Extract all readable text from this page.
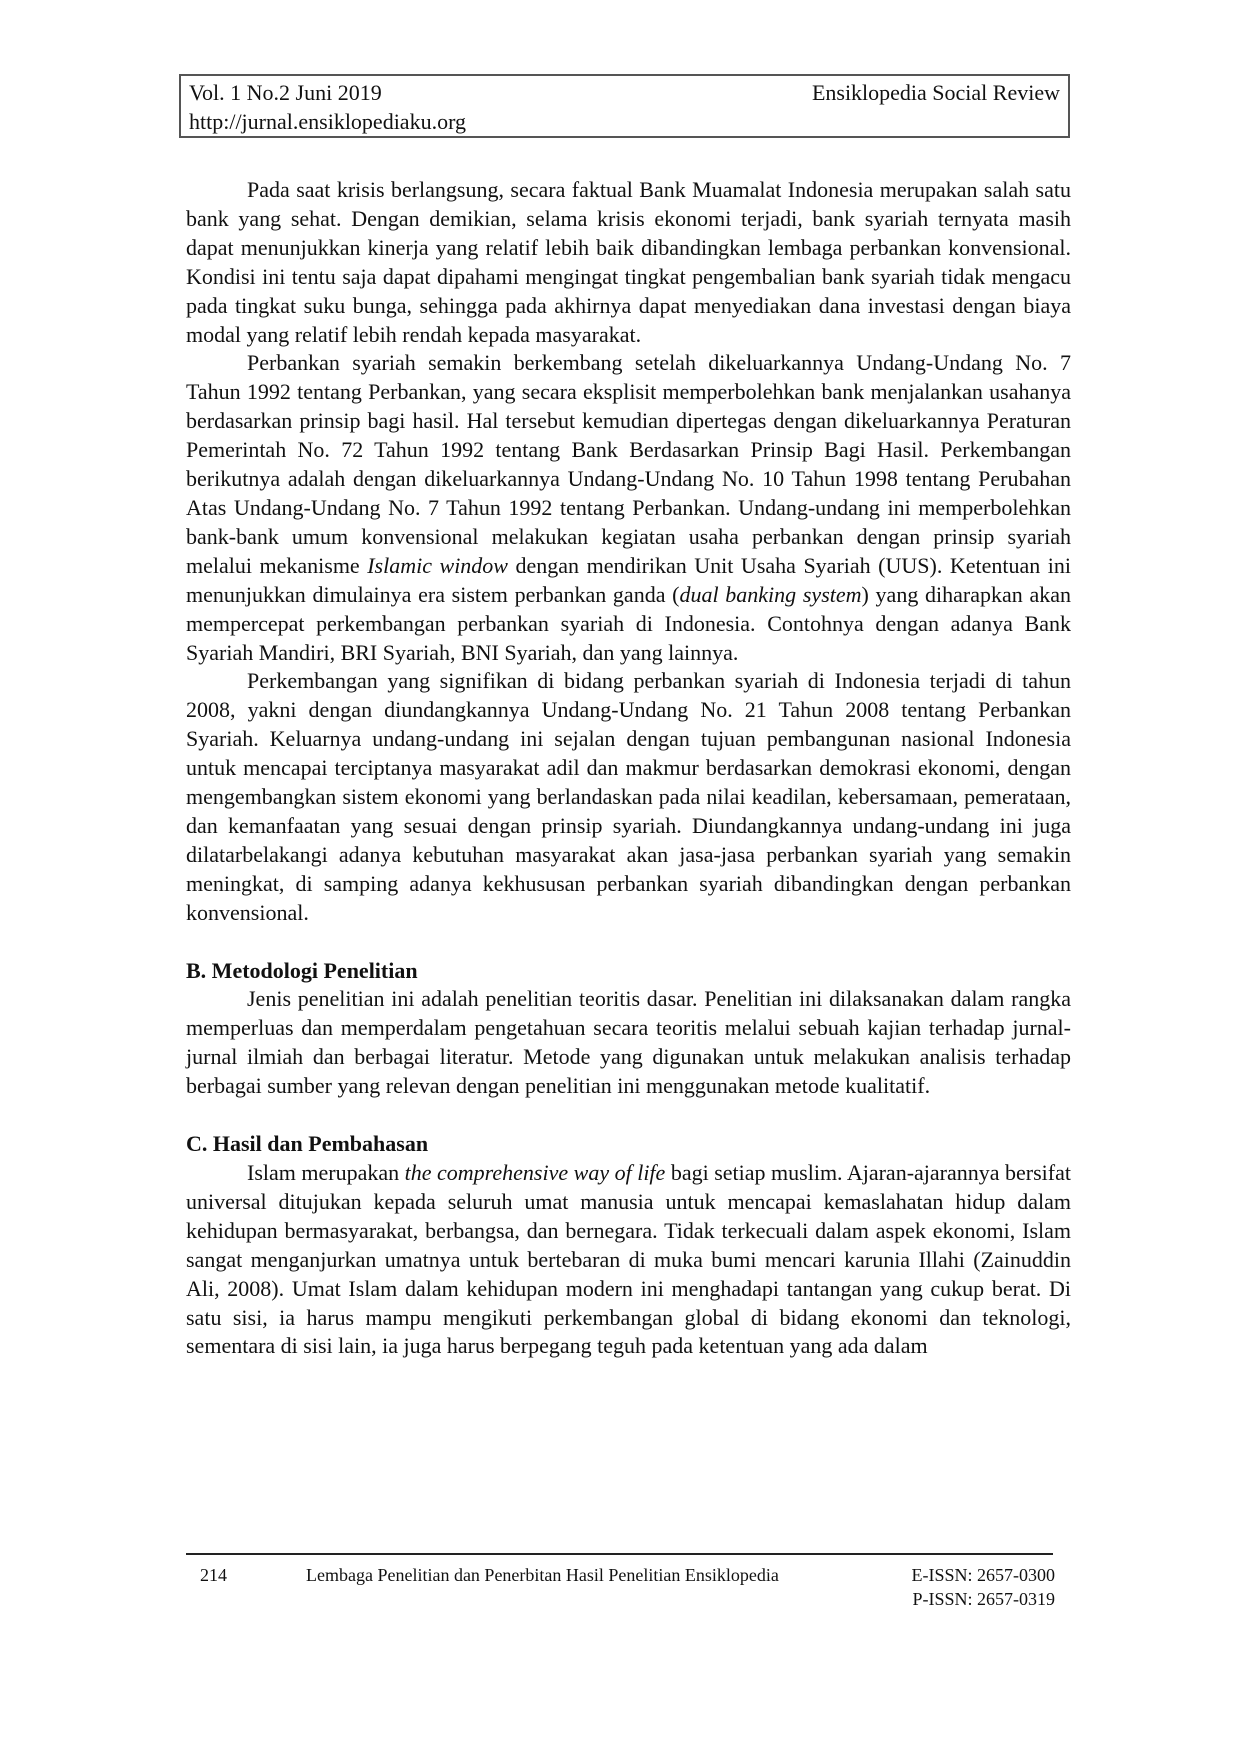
Vol. 1 No.2 Juni 2019	Ensiklopedia Social Review
http://jurnal.ensiklopediaku.org

Pada saat krisis berlangsung, secara faktual Bank Muamalat Indonesia merupakan salah satu bank yang sehat. Dengan demikian, selama krisis ekonomi terjadi, bank syariah ternyata masih dapat menunjukkan kinerja yang relatif lebih baik dibandingkan lembaga perbankan konvensional. Kondisi ini tentu saja dapat dipahami mengingat tingkat pengembalian bank syariah tidak mengacu pada tingkat suku bunga, sehingga pada akhirnya dapat menyediakan dana investasi dengan biaya modal yang relatif lebih rendah kepada masyarakat.

Perbankan syariah semakin berkembang setelah dikeluarkannya Undang-Undang No. 7 Tahun 1992 tentang Perbankan, yang secara eksplisit memperbolehkan bank menjalankan usahanya berdasarkan prinsip bagi hasil. Hal tersebut kemudian dipertegas dengan dikeluarkannya Peraturan Pemerintah No. 72 Tahun 1992 tentang Bank Berdasarkan Prinsip Bagi Hasil. Perkembangan berikutnya adalah dengan dikeluarkannya Undang-Undang No. 10 Tahun 1998 tentang Perubahan Atas Undang-Undang No. 7 Tahun 1992 tentang Perbankan. Undang-undang ini memperbolehkan bank-bank umum konvensional melakukan kegiatan usaha perbankan dengan prinsip syariah melalui mekanisme Islamic window dengan mendirikan Unit Usaha Syariah (UUS). Ketentuan ini menunjukkan dimulainya era sistem perbankan ganda (dual banking system) yang diharapkan akan mempercepat perkembangan perbankan syariah di Indonesia. Contohnya dengan adanya Bank Syariah Mandiri, BRI Syariah, BNI Syariah, dan yang lainnya.

Perkembangan yang signifikan di bidang perbankan syariah di Indonesia terjadi di tahun 2008, yakni dengan diundangkannya Undang-Undang No. 21 Tahun 2008 tentang Perbankan Syariah. Keluarnya undang-undang ini sejalan dengan tujuan pembangunan nasional Indonesia untuk mencapai terciptanya masyarakat adil dan makmur berdasarkan demokrasi ekonomi, dengan mengembangkan sistem ekonomi yang berlandaskan pada nilai keadilan, kebersamaan, pemerataan, dan kemanfaatan yang sesuai dengan prinsip syariah. Diundangkannya undang-undang ini juga dilatarbelakangi adanya kebutuhan masyarakat akan jasa-jasa perbankan syariah yang semakin meningkat, di samping adanya kekhususan perbankan syariah dibandingkan dengan perbankan konvensional.

B. Metodologi Penelitian

Jenis penelitian ini adalah penelitian teoritis dasar. Penelitian ini dilaksanakan dalam rangka memperluas dan memperdalam pengetahuan secara teoritis melalui sebuah kajian terhadap jurnal-jurnal ilmiah dan berbagai literatur. Metode yang digunakan untuk melakukan analisis terhadap berbagai sumber yang relevan dengan penelitian ini menggunakan metode kualitatif.

C. Hasil dan Pembahasan

Islam merupakan the comprehensive way of life bagi setiap muslim. Ajaran-ajarannya bersifat universal ditujukan kepada seluruh umat manusia untuk mencapai kemaslahatan hidup dalam kehidupan bermasyarakat, berbangsa, dan bernegara. Tidak terkecuali dalam aspek ekonomi, Islam sangat menganjurkan umatnya untuk bertebaran di muka bumi mencari karunia Illahi (Zainuddin Ali, 2008). Umat Islam dalam kehidupan modern ini menghadapi tantangan yang cukup berat. Di satu sisi, ia harus mampu mengikuti perkembangan global di bidang ekonomi dan teknologi, sementara di sisi lain, ia juga harus berpegang teguh pada ketentuan yang ada dalam

214	Lembaga Penelitian dan Penerbitan Hasil Penelitian Ensiklopedia	E-ISSN: 2657-0300
P-ISSN: 2657-0319
